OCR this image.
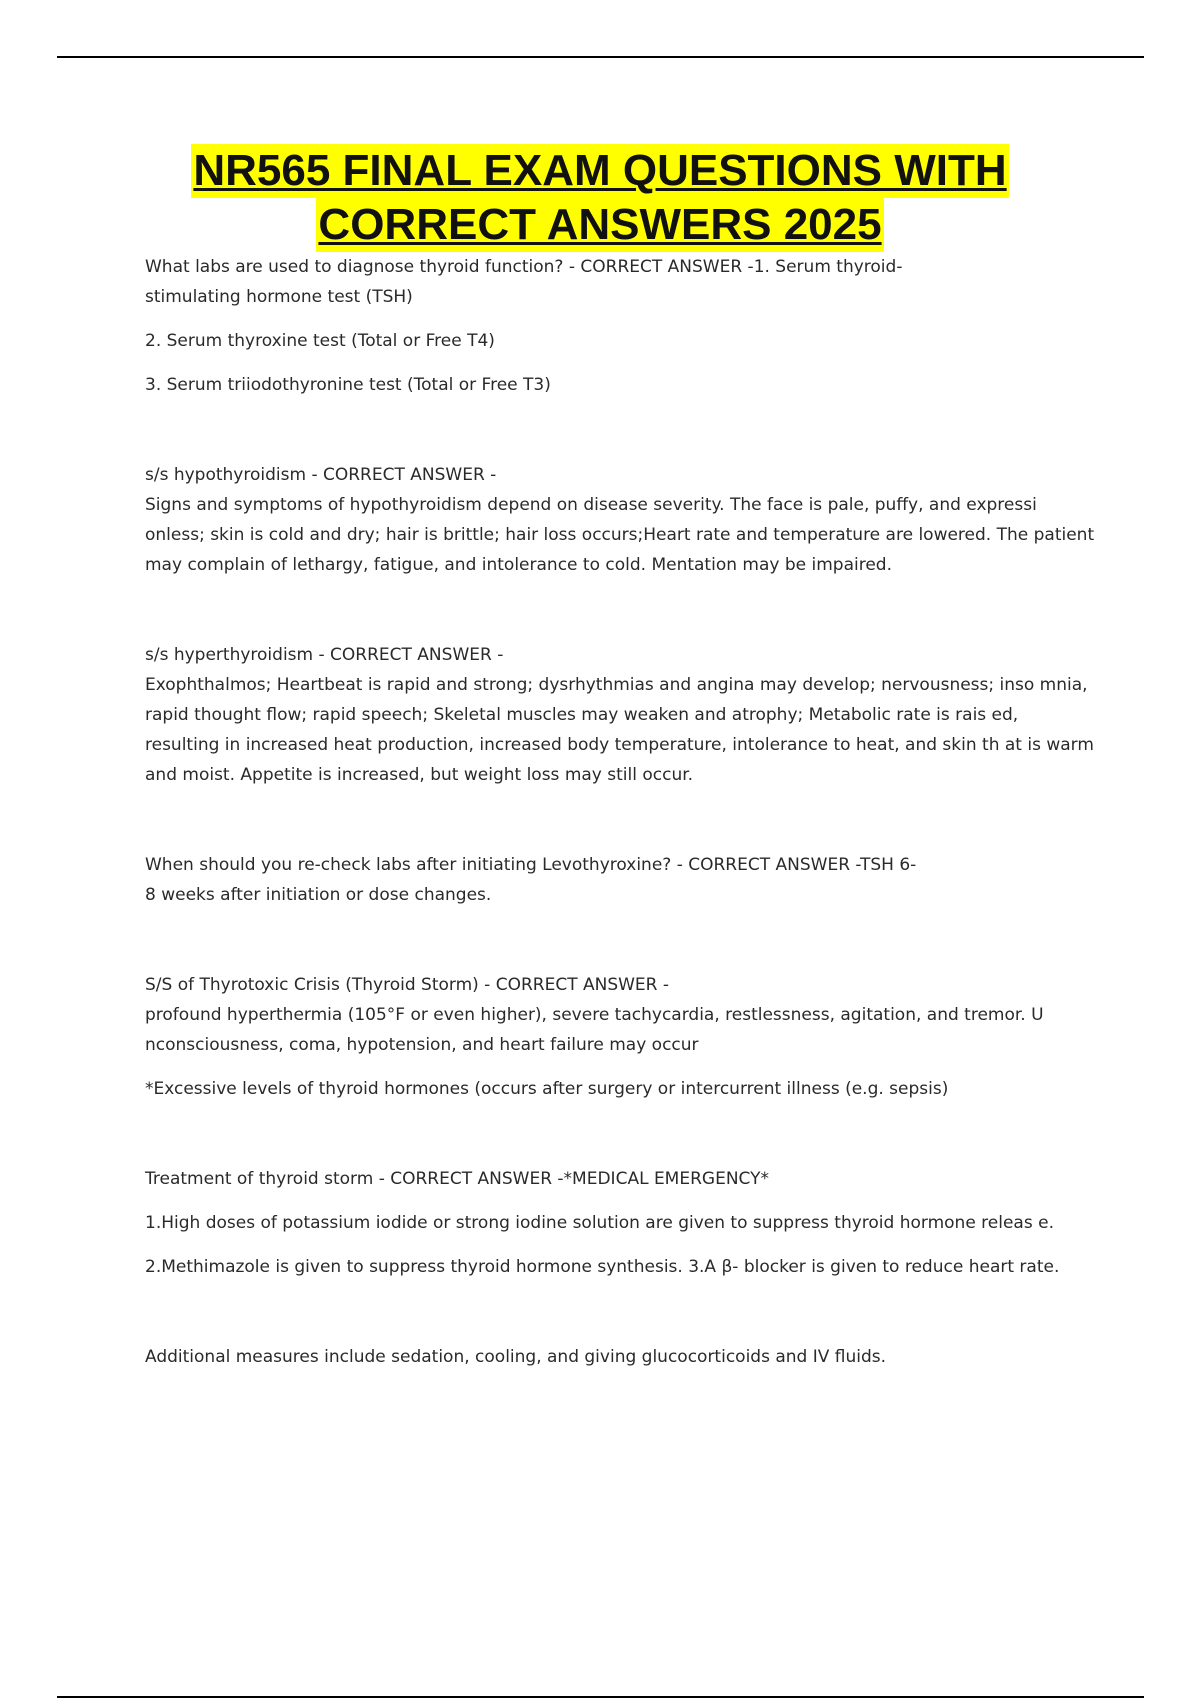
NR565 FINAL EXAM QUESTIONS WITH
CORRECT ANSWERS 2025

What labs are used to diagnose thyroid function? - CORRECT ANSWER -1. Serum thyroid-

stimulating hormone test (TSH)

2. Serum thyroxine test (Total or Free T4)

3. Serum triiodothyronine test (Total or Free T3)

s/s hypothyroidism - CORRECT ANSWER -

Signs and symptoms of hypothyroidism depend on disease severity. The face is pale, puffy, and expressi onless; skin is cold and dry; hair is brittle; hair loss occurs;Heart rate and temperature are lowered. The patient may complain of lethargy, fatigue, and intolerance to cold. Mentation may be impaired.

s/s hyperthyroidism - CORRECT ANSWER -

Exophthalmos; Heartbeat is rapid and strong; dysrhythmias and angina may develop; nervousness; inso mnia, rapid thought flow; rapid speech; Skeletal muscles may weaken and atrophy; Metabolic rate is rais ed, resulting in increased heat production, increased body temperature, intolerance to heat, and skin th at is warm and moist. Appetite is increased, but weight loss may still occur.

When should you re-check labs after initiating Levothyroxine? - CORRECT ANSWER -TSH 6-

8 weeks after initiation or dose changes.

S/S of Thyrotoxic Crisis (Thyroid Storm) - CORRECT ANSWER -

profound hyperthermia (105°F or even higher), severe tachycardia, restlessness, agitation, and tremor. U nconsciousness, coma, hypotension, and heart failure may occur

*Excessive levels of thyroid hormones (occurs after surgery or intercurrent illness (e.g. sepsis)

Treatment of thyroid storm - CORRECT ANSWER -*MEDICAL EMERGENCY*

1.High doses of potassium iodide or strong iodine solution are given to suppress thyroid hormone releas e.

2.Methimazole is given to suppress thyroid hormone synthesis. 3.A β- blocker is given to reduce heart rate.

Additional measures include sedation, cooling, and giving glucocorticoids and IV fluids.
